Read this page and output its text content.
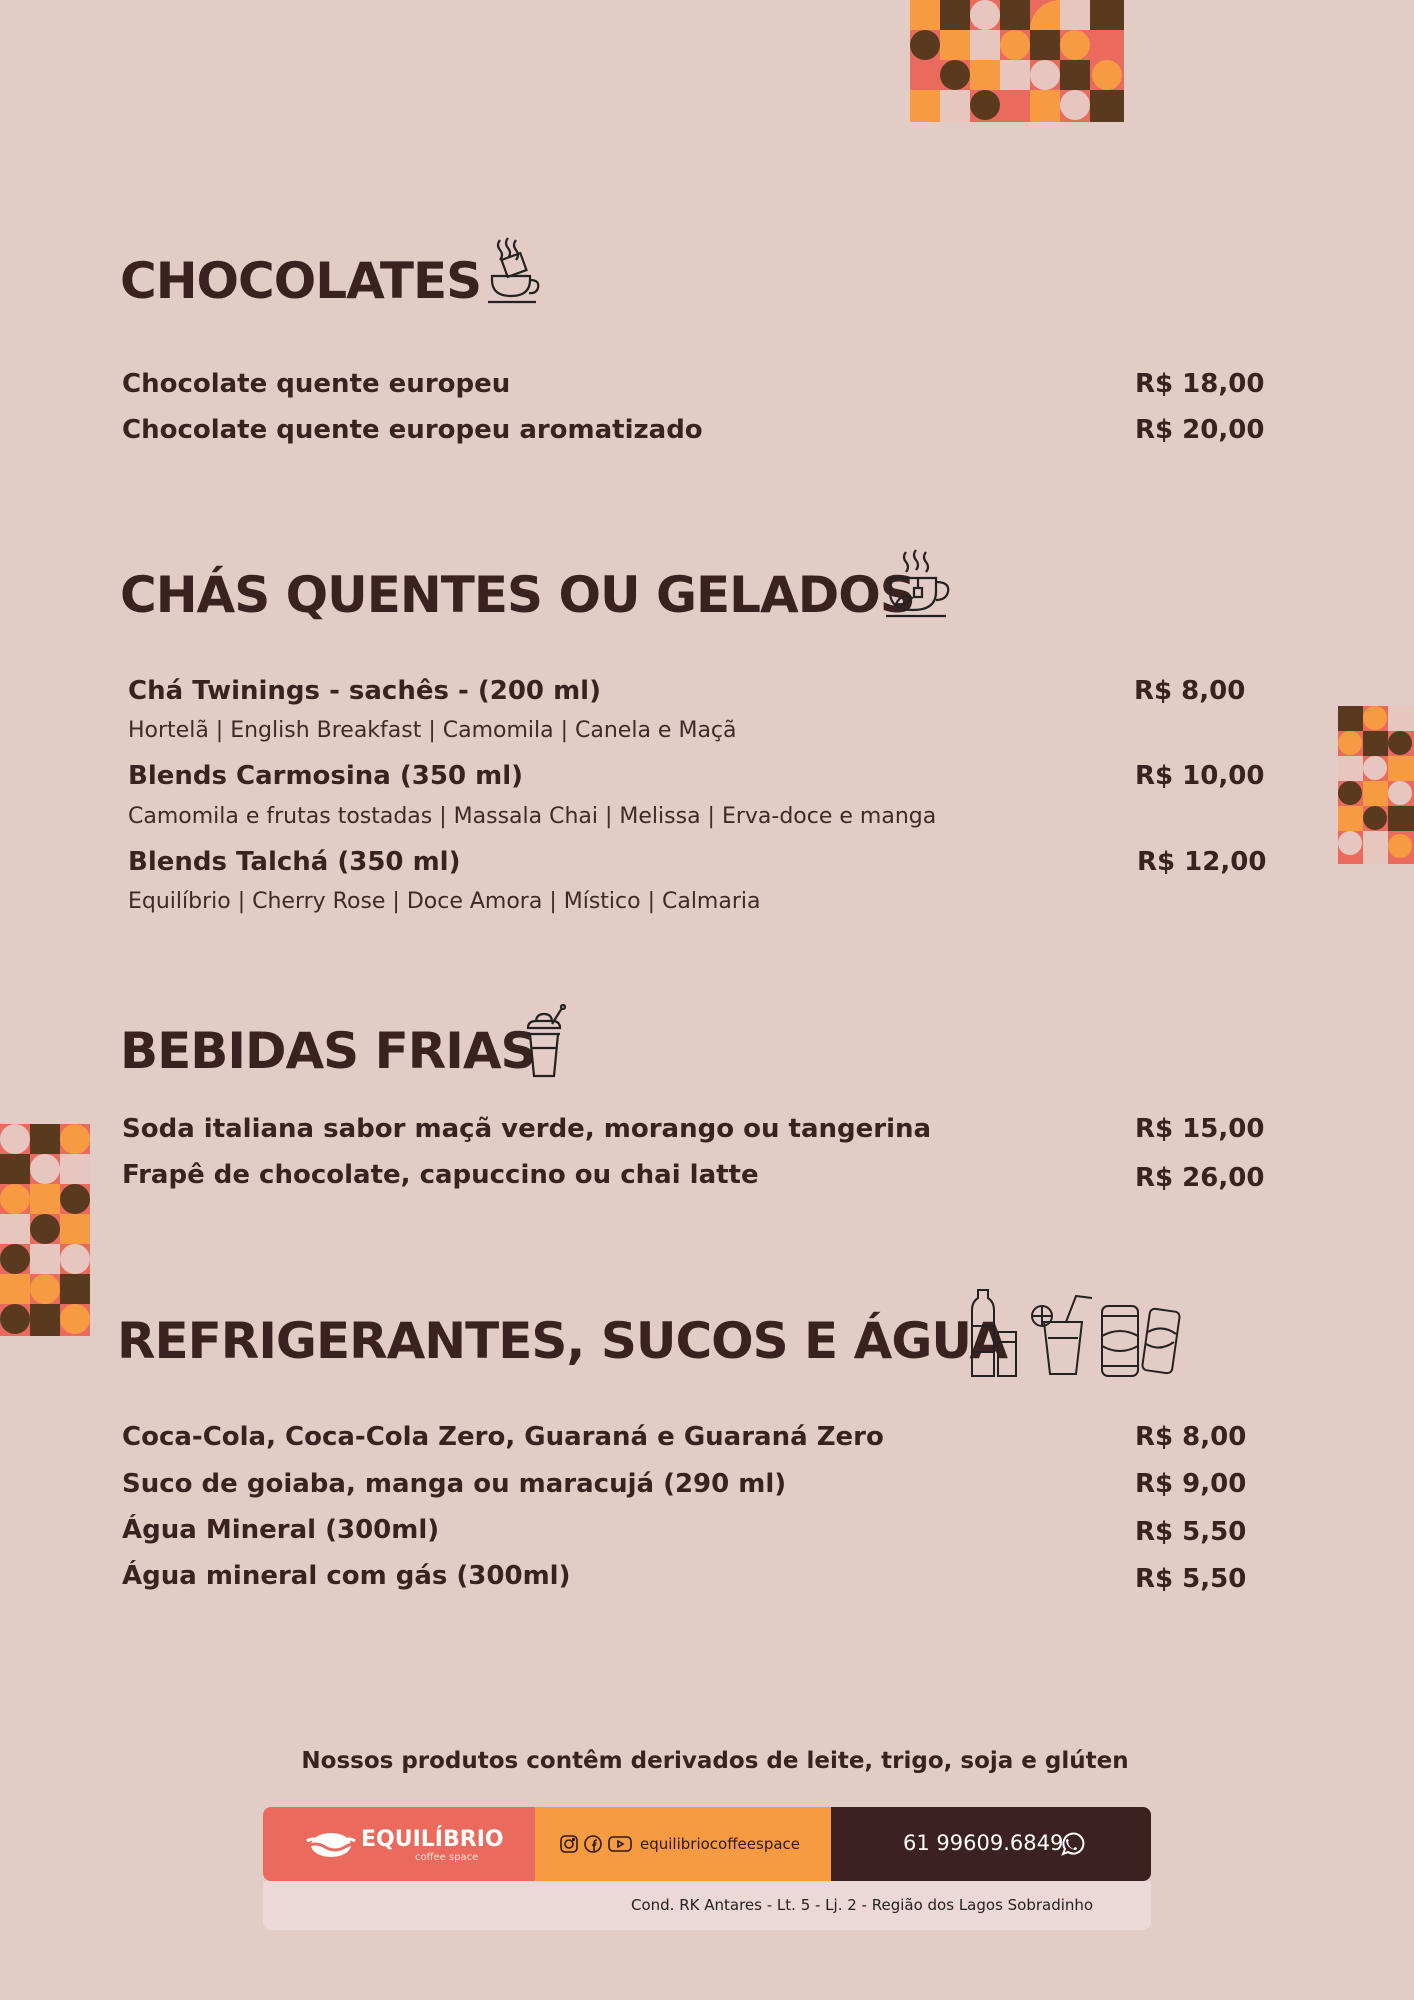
CHOCOLATES
Chocolate quente europeu	R$ 18,00
Chocolate quente europeu aromatizado	R$ 20,00
CHÁS QUENTES OU GELADOS
Chá Twinings - sachês - (200 ml)	R$ 8,00
Hortelã | English Breakfast | Camomila | Canela e Maçã
Blends Carmosina (350 ml)	R$ 10,00
Camomila e frutas tostadas | Massala Chai | Melissa | Erva-doce e manga
Blends Talchá (350 ml)	R$ 12,00
Equilíbrio | Cherry Rose | Doce Amora | Místico | Calmaria
BEBIDAS FRIAS
Soda italiana sabor maçã verde, morango ou tangerina	R$ 15,00
Frapê de chocolate, capuccino ou chai latte	R$ 26,00
REFRIGERANTES, SUCOS E ÁGUA
Coca-Cola, Coca-Cola Zero, Guaraná e Guaraná Zero	R$ 8,00
Suco de goiaba, manga ou maracujá (290 ml)	R$ 9,00
Água Mineral (300ml)	R$ 5,50
Água mineral com gás (300ml)	R$ 5,50
Nossos produtos contêm derivados de leite, trigo, soja e glúten
EQUILÍBRIO
coffee space
equilibriocoffeespace	61 99609.6849
Cond. RK Antares - Lt. 5 - Lj. 2 - Região dos Lagos Sobradinho
